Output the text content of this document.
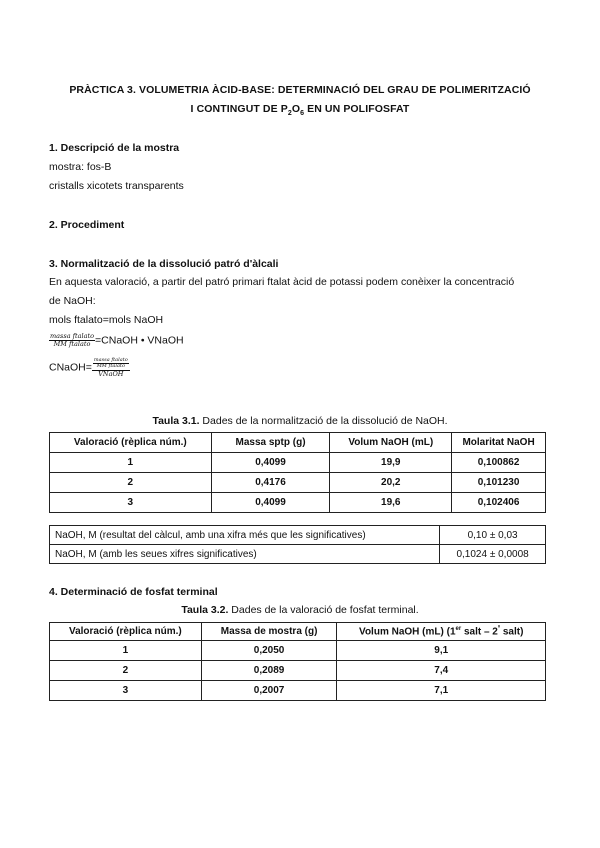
PRÀCTICA 3. VOLUMETRIA ÀCID-BASE: DETERMINACIÓ DEL GRAU DE POLIMERITZACIÓ
I CONTINGUT DE $P_2O_6$ EN UN POLIFOSFAT
1. Descripció de la mostra
mostra: fos-B
cristalls xicotets transparents
2. Procediment
3. Normalització de la dissolució patró d'àlcali
En aquesta valoració, a partir del patró primari ftalat àcid de potassi podem conèixer la concentració
de NaOH:
mols ftalato=mols NaOH
$\frac{\text{massa ftalato}}{\text{MM ftalato}}$ =CNaOH • VNaOH
CNaOH= $\frac{\frac{\text{massa ftalato}}{\text{MM ftalato}}}{\text{VNaOH}}$
Taula 3.1. Dades de la normalització de la dissolució de NaOH.
Valoració (rèplica núm.)	Massa sptp (g)	Volum NaOH (mL)	Molaritat NaOH
1	0,4099	19,9	0,100862
2	0,4176	20,2	0,101230
3	0,4099	19,6	0,102406
NaOH, M (resultat del càlcul, amb una xifra més que les significatives)	0,10 ± 0,03
NaOH, M (amb les seues xifres significatives)	0,1024 ± 0,0008
4. Determinació de fosfat terminal
Taula 3.2. Dades de la valoració de fosfat terminal.
Valoració (rèplica núm.)	Massa de mostra (g)	Volum NaOH (mL) (1er salt – $2^º$ salt)
1	0,2050	9,1
2	0,2089	7,4
3	0,2007	7,1
